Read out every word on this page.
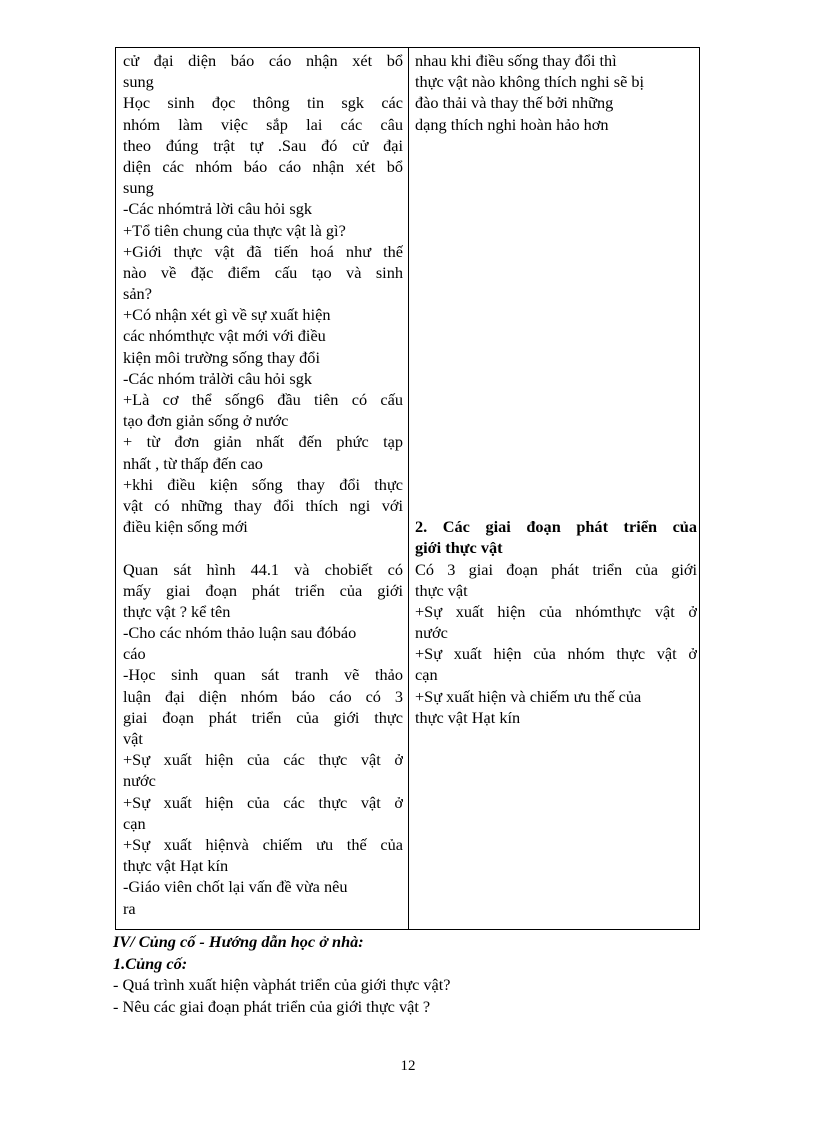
cử đại diện báo cáo nhận xét bổ
sung
Học sinh đọc thông tin sgk các
nhóm làm việc sắp lai các câu
theo đúng trật tự .Sau đó cử đại
diện các nhóm báo cáo nhận xét bổ
sung
-Các nhómtrả lời câu hỏi sgk
+Tổ tiên chung của thực vật là gì?
+Giới thực vật đã tiến hoá như thế
nào về đặc điểm cấu tạo và sinh
sản?
+Có nhận xét gì về sự xuất hiện
các nhómthực vật mới với điều
kiện môi trường sống thay đổi
-Các nhóm trảlời câu hỏi sgk
+Là cơ thể sống6 đầu tiên có cấu
tạo đơn giản sống ở nước
+ từ đơn giản nhất đến phức tạp
nhất , từ thấp đến cao
+khi điều kiện sống thay đổi thực
vật có những thay đổi thích ngi với
điều kiện sống mới
Quan sát hình 44.1 và chobiết có
mấy giai đoạn phát triển của giới
thực vật ? kể tên
-Cho các nhóm thảo luận sau đóbáo
cáo
-Học sinh quan sát tranh vẽ thảo
luận đại diện nhóm báo cáo có 3
giai đoạn phát triển của giới thực
vật
+Sự xuất hiện của các thực vật ở
nước
+Sự xuất hiện của các thực vật ở
cạn
+Sự xuất hiệnvà chiếm ưu thế của
thực vật Hạt kín
-Giáo viên chốt lại vấn đề vừa nêu
ra
nhau khi điều sống thay đổi thì
thực vật nào không thích nghi sẽ bị
đào thải và thay thế bởi những
dạng thích nghi hoàn hảo hơn
2. Các giai đoạn phát triển của
giới thực vật
Có 3 giai đoạn phát triển của giới
thực vật
+Sự xuất hiện của nhómthực vật ở
nước
+Sự xuất hiện của nhóm thực vật ở
cạn
+Sự xuất hiện và chiếm ưu thế của
thực vật Hạt kín
IV/ Củng cố - Hướng dẫn học ở nhà:
1.Củng cố:
- Quá trình xuất hiện vàphát triển của giới thực vật?
- Nêu các giai đoạn phát triển của giới thực vật ?
12
